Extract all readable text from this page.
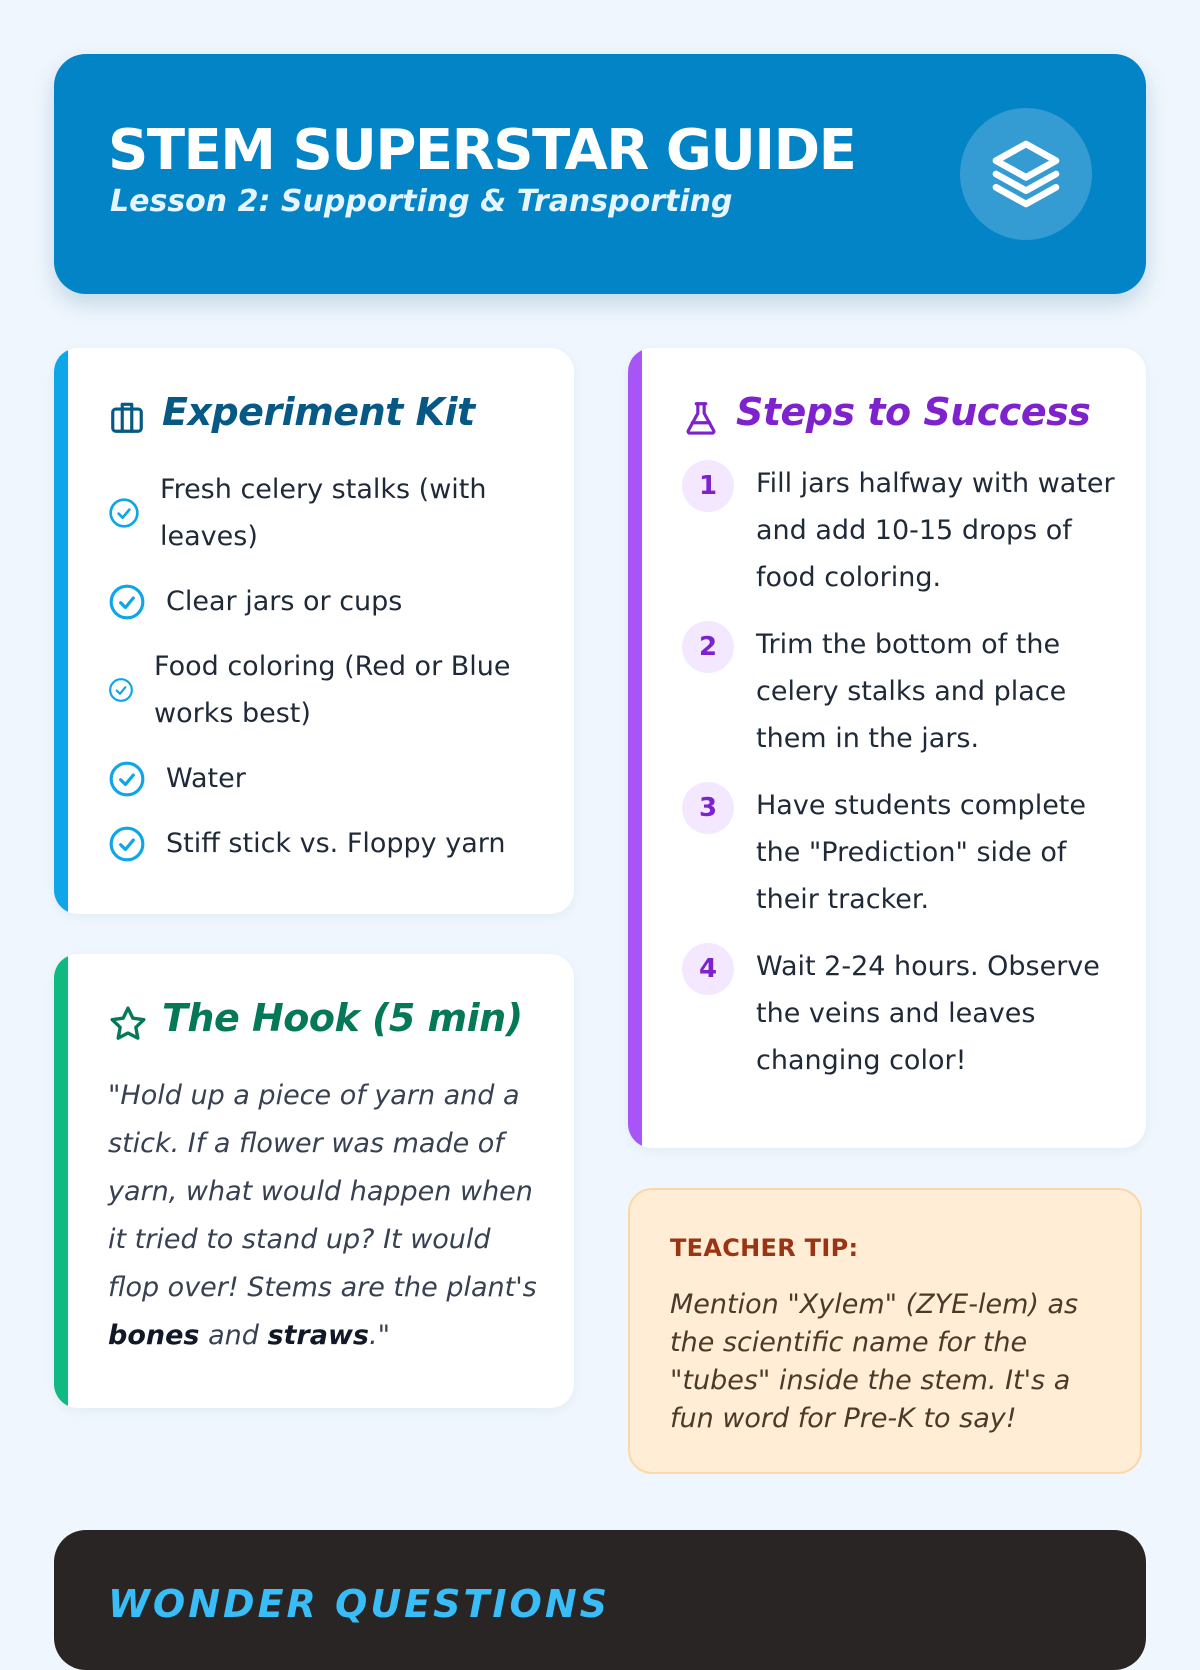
STEM SUPERSTAR GUIDE
Lesson 2: Supporting & Transporting
Experiment Kit
Fresh celery stalks (with leaves)
Clear jars or cups
Food coloring (Red or Blue works best)
Water
Stiff stick vs. Floppy yarn
The Hook (5 min)

"Hold up a piece of yarn and a stick. If a flower was made of yarn, what would happen when it tried to stand up? It would flop over! Stems are the plant's bones and straws."

Steps to Success
1	Fill jars halfway with water and add 10-15 drops of food coloring.
2	Trim the bottom of the celery stalks and place them in the jars.
3	Have students complete the "Prediction" side of their tracker.
4	Wait 2-24 hours. Observe the veins and leaves changing color!
TEACHER TIP:

Mention "Xylem" (ZYE-lem) as the scientific name for the "tubes" inside the stem. It's a fun word for Pre-K to say!

WONDER QUESTIONS
